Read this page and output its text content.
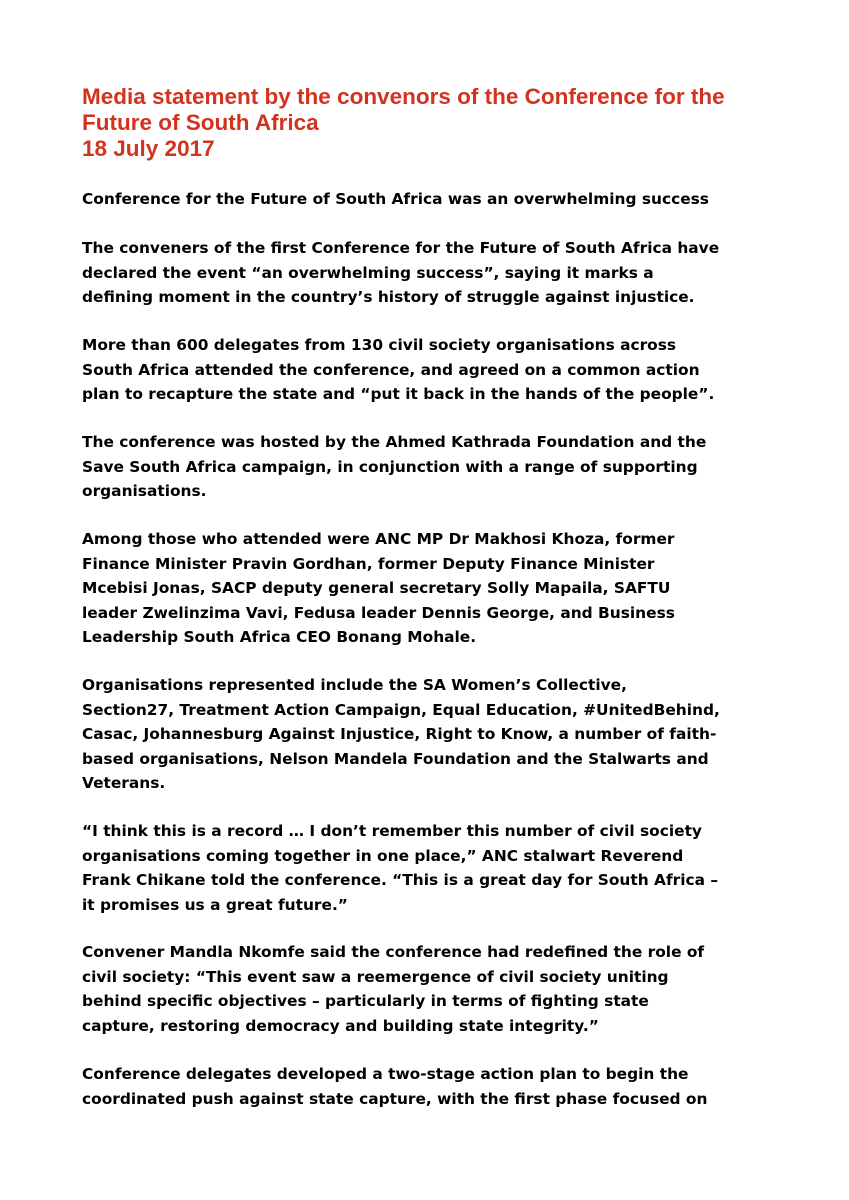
Media statement by the convenors of the Conference for the
Future of South Africa
18 July 2017
Conference for the Future of South Africa was an overwhelming success
The conveners of the first Conference for the Future of South Africa have
declared the event “an overwhelming success”, saying it marks a
defining moment in the country’s history of struggle against injustice.
More than 600 delegates from 130 civil society organisations across
South Africa attended the conference, and agreed on a common action
plan to recapture the state and “put it back in the hands of the people”.
The conference was hosted by the Ahmed Kathrada Foundation and the
Save South Africa campaign, in conjunction with a range of supporting
organisations.
Among those who attended were ANC MP Dr Makhosi Khoza, former
Finance Minister Pravin Gordhan, former Deputy Finance Minister
Mcebisi Jonas, SACP deputy general secretary Solly Mapaila, SAFTU
leader Zwelinzima Vavi, Fedusa leader Dennis George, and Business
Leadership South Africa CEO Bonang Mohale.
Organisations represented include the SA Women’s Collective,
Section27, Treatment Action Campaign, Equal Education, #UnitedBehind,
Casac, Johannesburg Against Injustice, Right to Know, a number of faith-
based organisations, Nelson Mandela Foundation and the Stalwarts and
Veterans.
“I think this is a record … I don’t remember this number of civil society
organisations coming together in one place,” ANC stalwart Reverend
Frank Chikane told the conference. “This is a great day for South Africa –
it promises us a great future.”
Convener Mandla Nkomfe said the conference had redefined the role of
civil society: “This event saw a reemergence of civil society uniting
behind specific objectives – particularly in terms of fighting state
capture, restoring democracy and building state integrity.”
Conference delegates developed a two-stage action plan to begin the
coordinated push against state capture, with the first phase focused on
